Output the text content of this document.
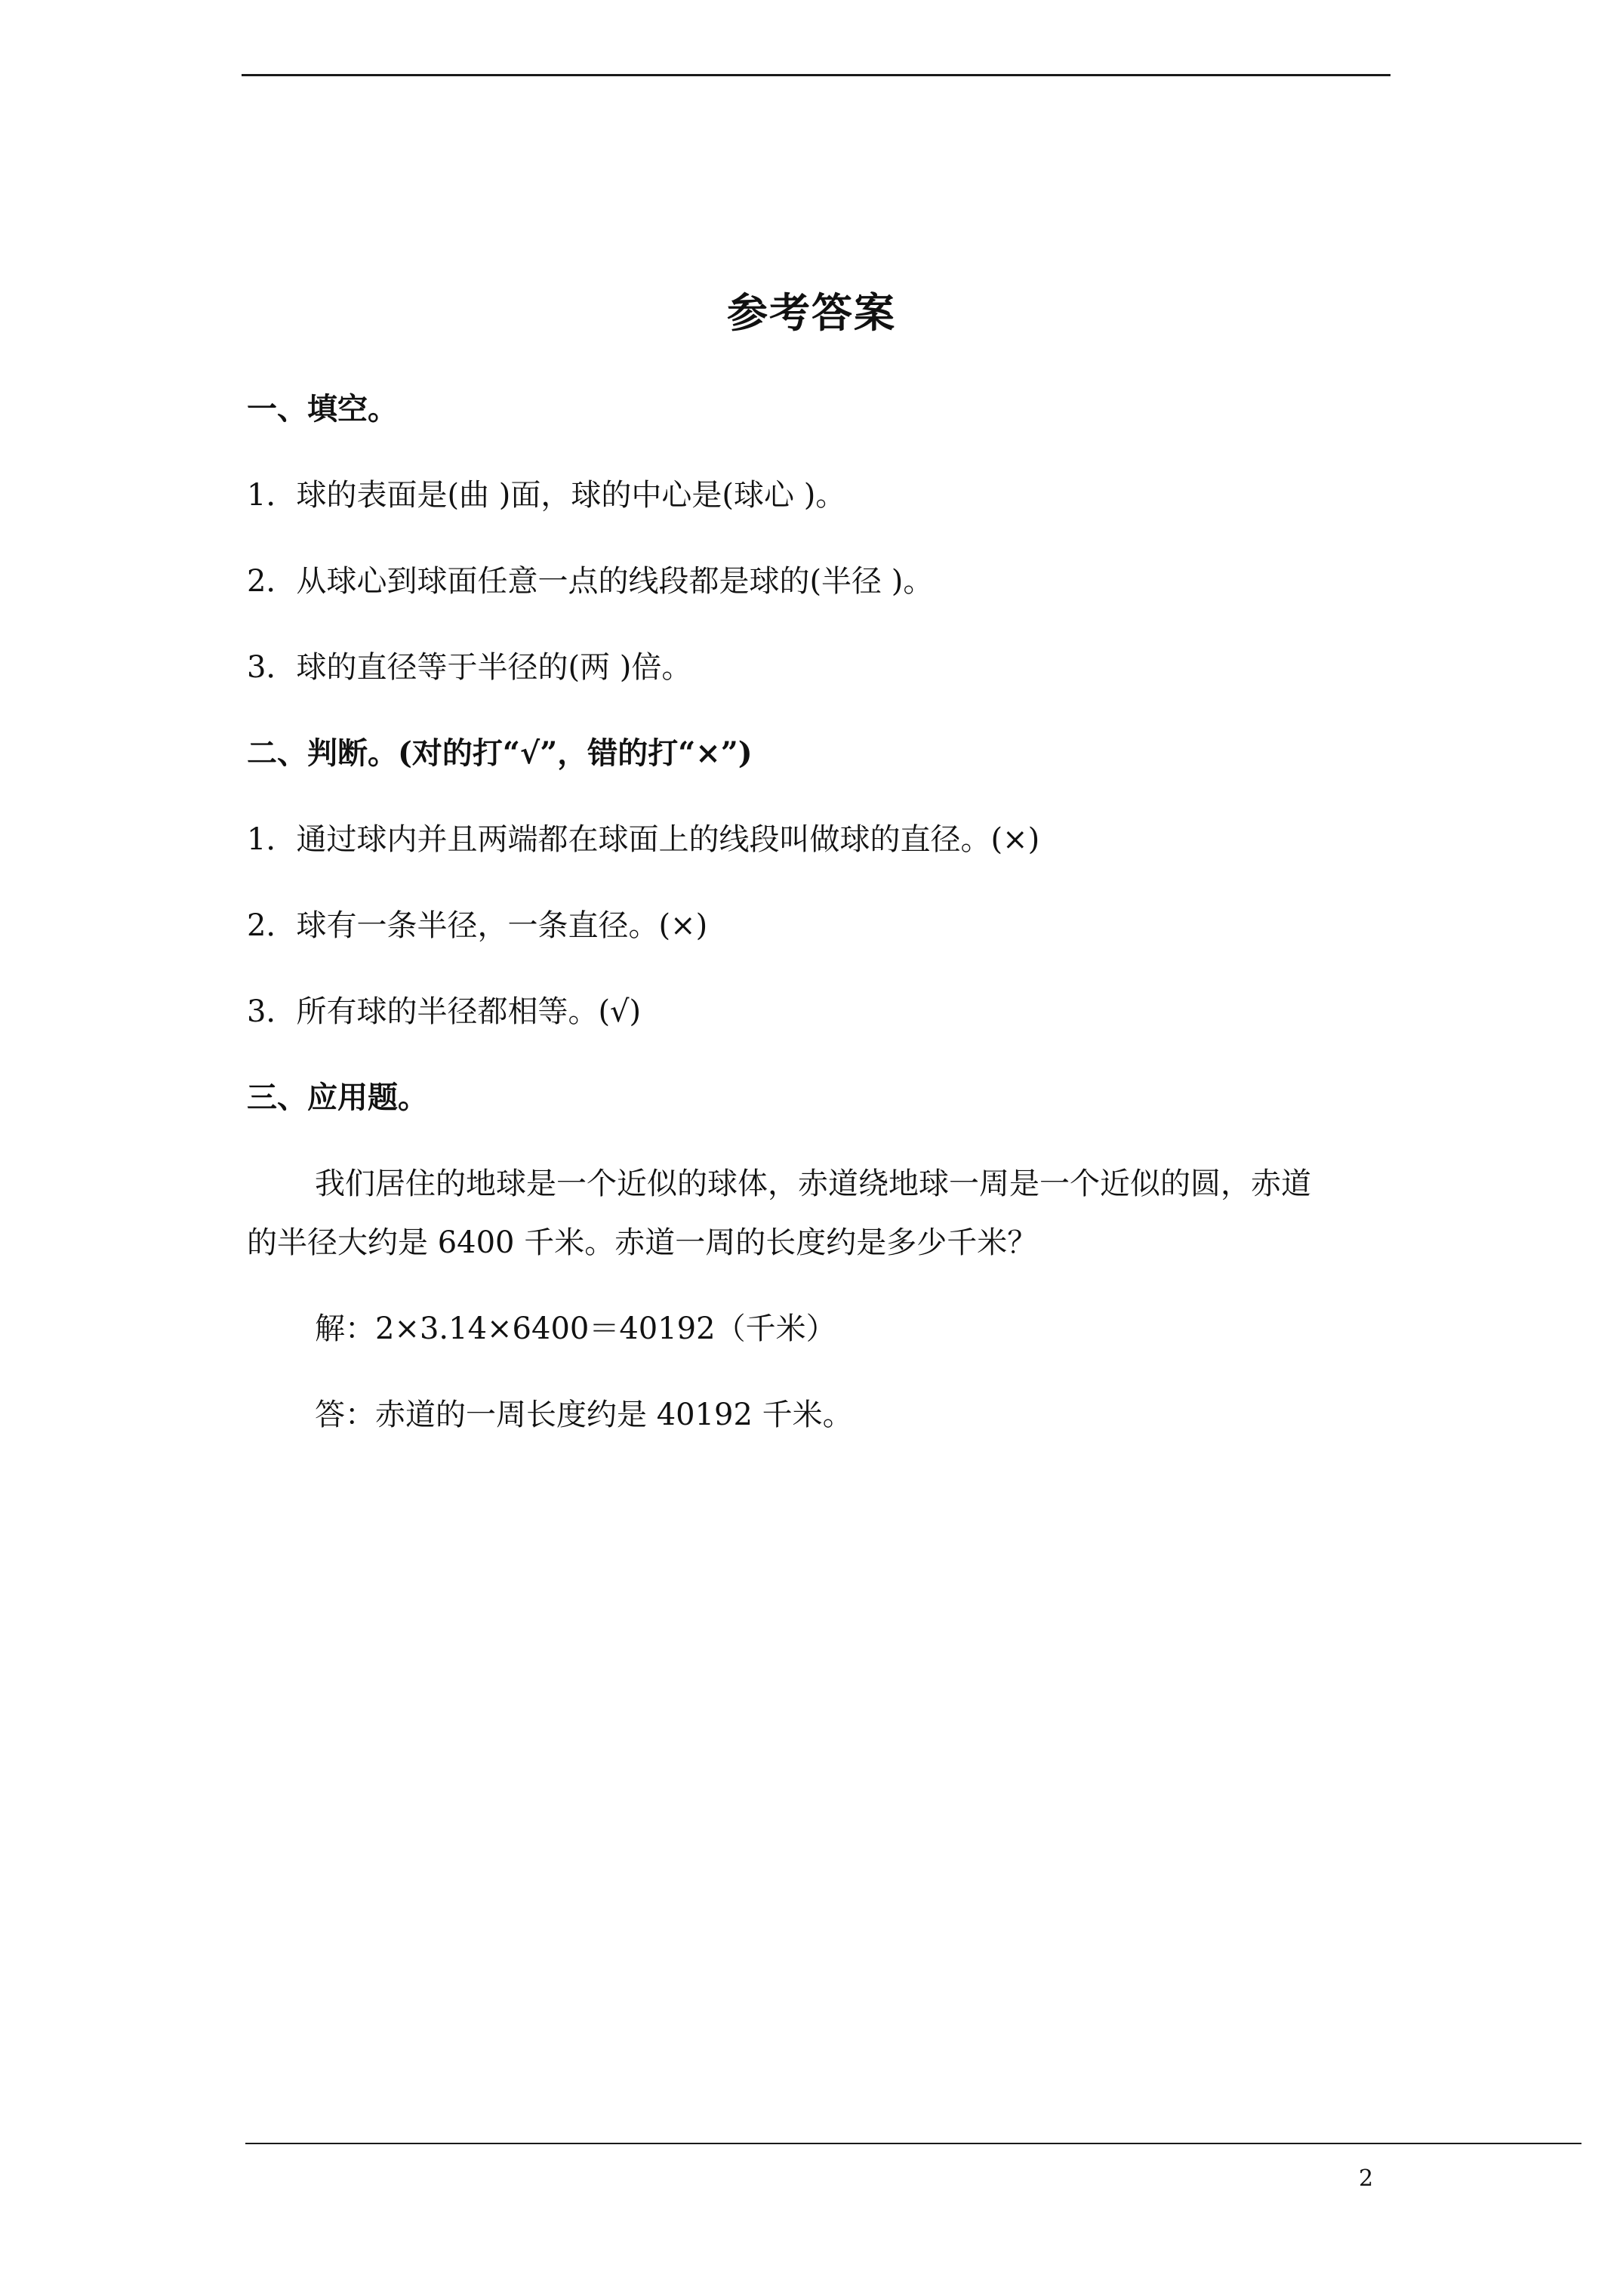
参考答案
一、填空。
1．球的表面是(曲 )面，球的中心是(球心 )。
2．从球心到球面任意一点的线段都是球的(半径 )。
3．球的直径等于半径的(两 )倍。
二、判断。(对的打“√”，错的打“×”)
1．通过球内并且两端都在球面上的线段叫做球的直径。(×)
2．球有一条半径，一条直径。(×)
3．所有球的半径都相等。(√)
三、应用题。
我们居住的地球是一个近似的球体，赤道绕地球一周是一个近似的圆，赤道
的半径大约是 6400 千米。赤道一周的长度约是多少千米？
解：2×3.14×6400＝40192（千米）
答：赤道的一周长度约是 40192 千米。
2
